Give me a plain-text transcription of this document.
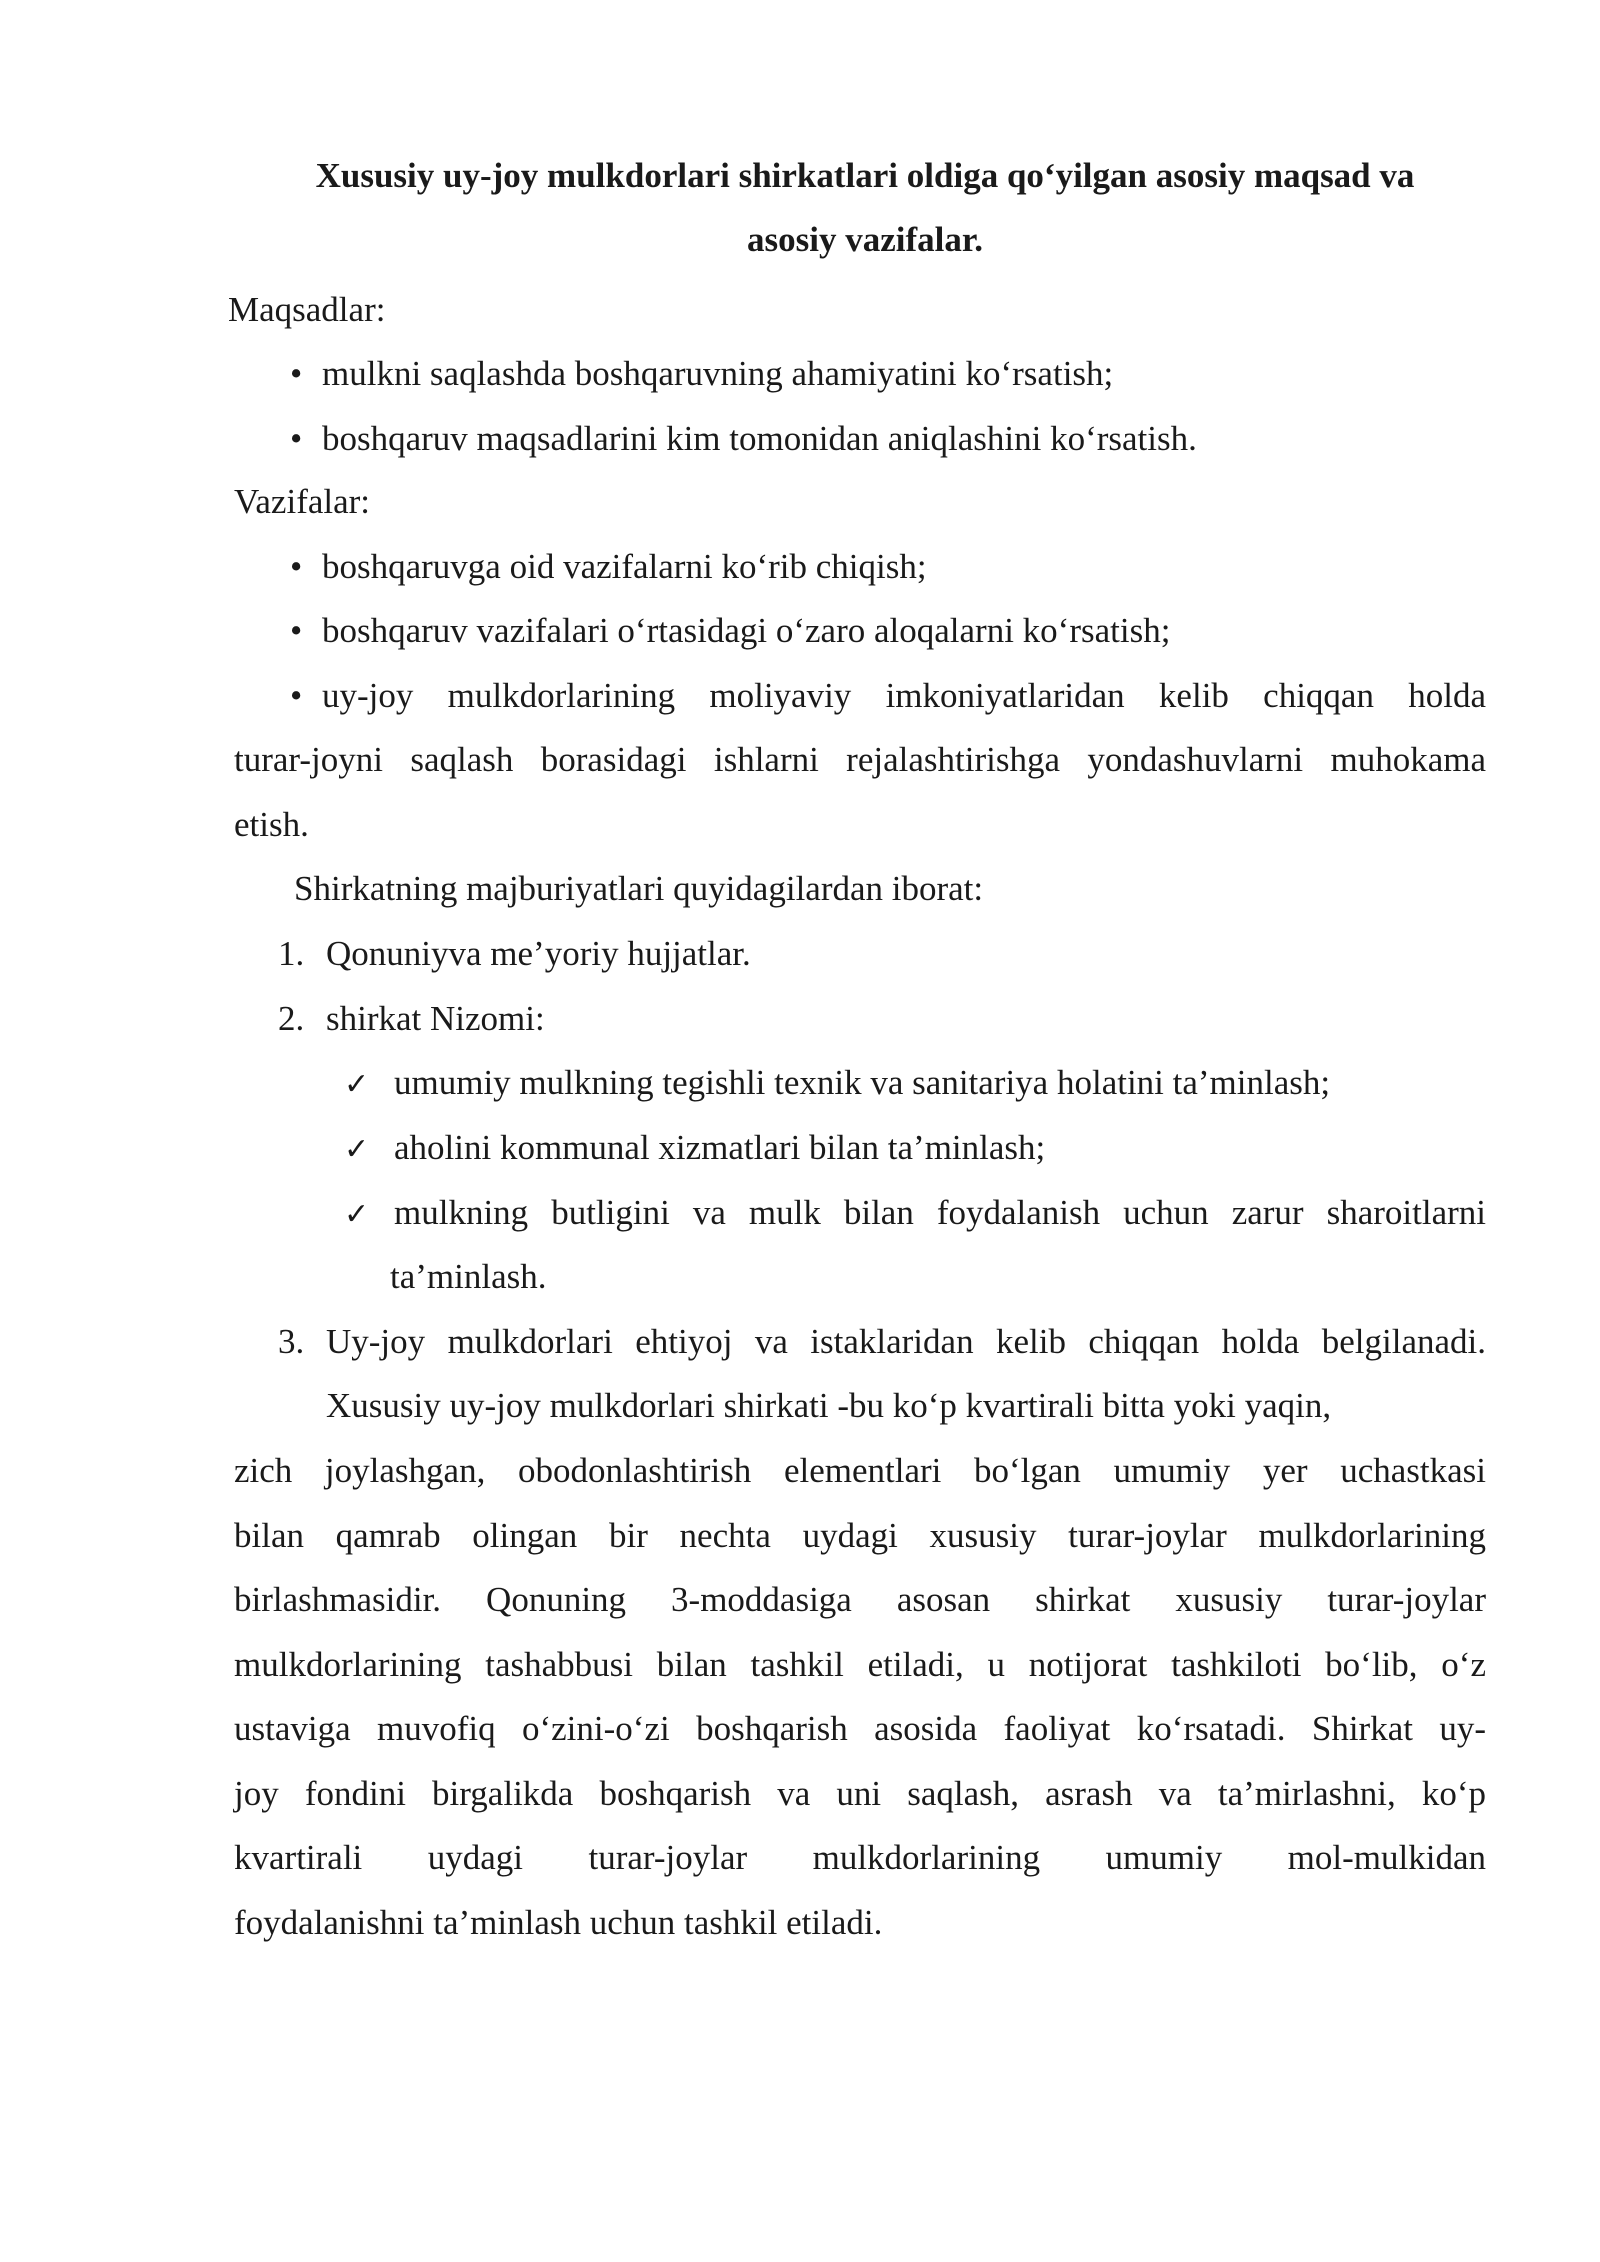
Xususiy uy-joy mulkdorlari shirkatlari oldiga qo‘yilgan asosiy maqsad va

asosiy vazifalar.

Maqsadlar:

• mulkni saqlashda boshqaruvning ahamiyatini ko‘rsatish;

• boshqaruv maqsadlarini kim tomonidan aniqlashini ko‘rsatish.

Vazifalar:

• boshqaruvga oid vazifalarni ko‘rib chiqish;

• boshqaruv vazifalari o‘rtasidagi o‘zaro aloqalarni ko‘rsatish;

• uy-joy mulkdorlarining moliyaviy imkoniyatlaridan kelib chiqqan holda
turar-joyni saqlash borasidagi ishlarni rejalashtirishga yondashuvlarni muhokama

etish.

Shirkatning majburiyatlari quyidagilardan iborat:

1. Qonuniyva me’yoriy hujjatlar.

2. shirkat Nizomi:

✓ umumiy mulkning tegishli texnik va sanitariya holatini ta’minlash;

✓ aholini kommunal xizmatlari bilan ta’minlash;

✓ mulkning butligini va mulk bilan foydalanish uchun zarur sharoitlarni

ta’minlash.

3. Uy-joy mulkdorlari ehtiyoj va istaklaridan kelib chiqqan holda belgilanadi.

Xususiy uy-joy mulkdorlari shirkati -bu ko‘p kvartirali bitta yoki yaqin,

zich joylashgan, obodonlashtirish elementlari bo‘lgan umumiy yer uchastkasi
bilan qamrab olingan bir nechta uydagi xususiy turar-joylar mulkdorlarining
birlashmasidir. Qonuning 3-moddasiga asosan shirkat xususiy turar-joylar
mulkdorlarining tashabbusi bilan tashkil etiladi, u notijorat tashkiloti bo‘lib, o‘z
ustaviga muvofiq o‘zini-o‘zi boshqarish asosida faoliyat ko‘rsatadi. Shirkat uy-
joy fondini birgalikda boshqarish va uni saqlash, asrash va ta’mirlashni, ko‘p
kvartirali uydagi turar-joylar mulkdorlarining umumiy mol-mulkidan

foydalanishni ta’minlash uchun tashkil etiladi.
